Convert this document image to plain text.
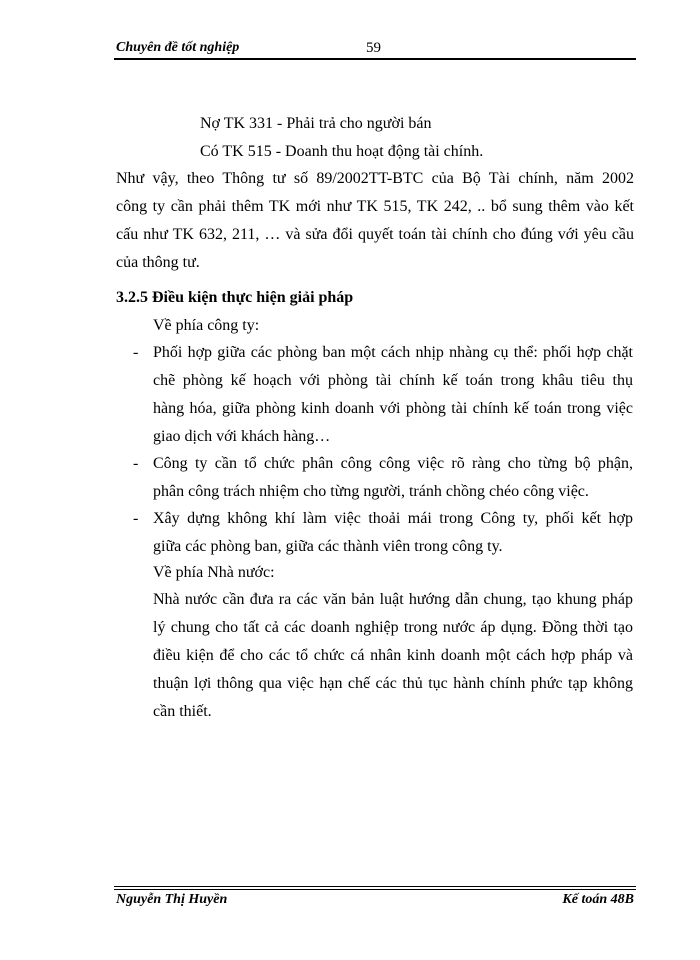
Chuyên đề tốt nghiệp	59
Nợ TK 331 - Phải trả cho người bán
Có TK 515 - Doanh thu hoạt động tài chính.
Như vậy, theo Thông tư số 89/2002TT-BTC của Bộ Tài chính, năm 2002
công ty cần phải thêm TK mới như TK 515, TK 242, .. bổ sung thêm vào kết
cấu như TK 632, 211, … và sửa đổi quyết toán tài chính cho đúng với yêu cầu
của thông tư.
3.2.5 Điều kiện thực hiện giải pháp
Về phía công ty:
- Phối hợp giữa các phòng ban một cách nhịp nhàng cụ thể: phối hợp chặt
chẽ phòng kế hoạch với phòng tài chính kế toán trong khâu tiêu thụ
hàng hóa, giữa phòng kinh doanh với phòng tài chính kế toán trong việc
giao dịch với khách hàng…
- Công ty cần tổ chức phân công công việc rõ ràng cho từng bộ phận,
phân công trách nhiệm cho từng người, tránh chồng chéo công việc.
- Xây dựng không khí làm việc thoải mái trong Công ty, phối kết hợp
giữa các phòng ban, giữa các thành viên trong công ty.
Về phía Nhà nước:
Nhà nước cần đưa ra các văn bản luật hướng dẫn chung, tạo khung pháp
lý chung cho tất cả các doanh nghiệp trong nước áp dụng. Đồng thời tạo
điều kiện để cho các tổ chức cá nhân kinh doanh một cách hợp pháp và
thuận lợi thông qua việc hạn chế các thủ tục hành chính phức tạp không
cần thiết.
Nguyễn Thị Huyền	Kế toán 48B
